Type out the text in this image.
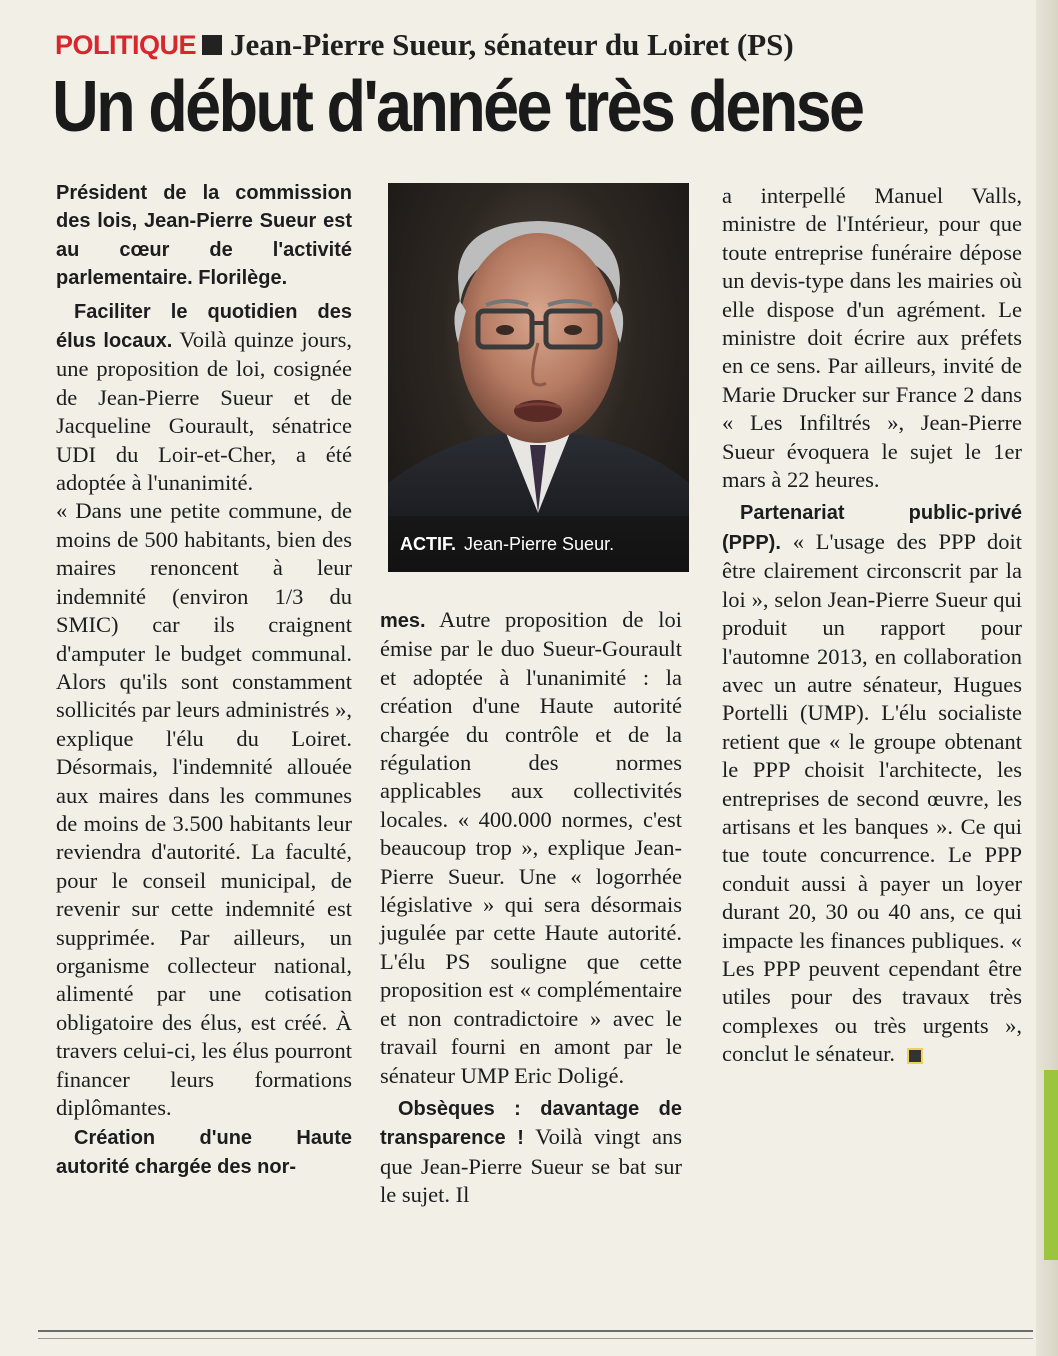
POLITIQUE Jean-Pierre Sueur, sénateur du Loiret (PS)
Un début d'année très dense

Président de la commission des lois, Jean-Pierre Sueur est au cœur de l'activité parlementaire. Florilège.

Faciliter le quotidien des élus locaux. Voilà quinze jours, une proposition de loi, cosignée de Jean-Pierre Sueur et de Jacqueline Gourault, sénatrice UDI du Loir-et-Cher, a été adoptée à l'unanimité.

« Dans une petite commune, de moins de 500 habitants, bien des maires renoncent à leur indemnité (environ 1/3 du SMIC) car ils craignent d'amputer le budget communal. Alors qu'ils sont constamment sollicités par leurs administrés », explique l'élu du Loiret. Désormais, l'indemnité allouée aux maires dans les communes de moins de 3.500 habitants leur reviendra d'autorité. La faculté, pour le conseil municipal, de revenir sur cette indemnité est supprimée. Par ailleurs, un organisme collecteur national, alimenté par une cotisation obligatoire des élus, est créé. À travers celui-ci, les élus pourront financer leurs formations diplômantes.

Création d'une Haute autorité chargée des nor-

ACTIF. Jean-Pierre Sueur.

mes. Autre proposition de loi émise par le duo Sueur-Gourault et adoptée à l'unanimité : la création d'une Haute autorité chargée du contrôle et de la régulation des normes applicables aux collectivités locales. « 400.000 normes, c'est beaucoup trop », explique Jean-Pierre Sueur. Une « logorrhée législative » qui sera désormais jugulée par cette Haute autorité. L'élu PS souligne que cette proposition est « complémentaire et non contradictoire » avec le travail fourni en amont par le sénateur UMP Eric Doligé.

Obsèques : davantage de transparence ! Voilà vingt ans que Jean-Pierre Sueur se bat sur le sujet. Il

a interpellé Manuel Valls, ministre de l'Intérieur, pour que toute entreprise funéraire dépose un devis-type dans les mairies où elle dispose d'un agrément. Le ministre doit écrire aux préfets en ce sens. Par ailleurs, invité de Marie Drucker sur France 2 dans « Les Infiltrés », Jean-Pierre Sueur évoquera le sujet le 1er mars à 22 heures.

Partenariat public-privé (PPP). « L'usage des PPP doit être clairement circonscrit par la loi », selon Jean-Pierre Sueur qui produit un rapport pour l'automne 2013, en collaboration avec un autre sénateur, Hugues Portelli (UMP). L'élu socialiste retient que « le groupe obtenant le PPP choisit l'architecte, les entreprises de second œuvre, les artisans et les banques ». Ce qui tue toute concurrence. Le PPP conduit aussi à payer un loyer durant 20, 30 ou 40 ans, ce qui impacte les finances publiques. « Les PPP peuvent cependant être utiles pour des travaux très complexes ou très urgents », conclut le sénateur.
